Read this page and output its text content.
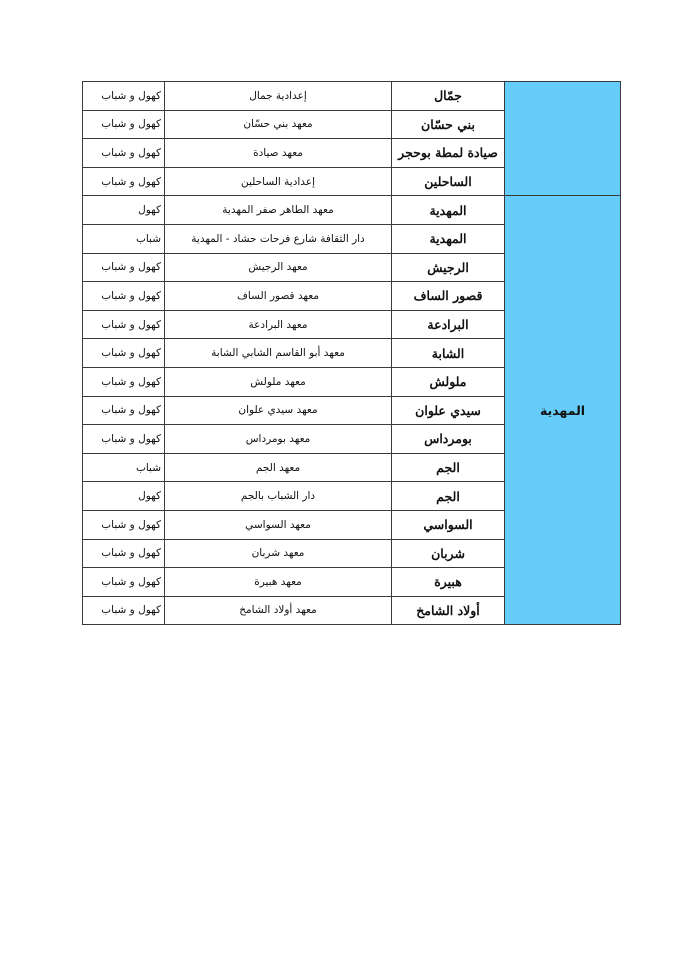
	جمّال	إعدادية جمال	كهول و شباب
	بني حسّان	معهد بني حسّان	كهول و شباب
	صيادة لمطة بوحجر	معهد صيادة	كهول و شباب
	الساحلين	إعدادية الساحلين	كهول و شباب
المهدية	المهدية	معهد الطاهر صفر المهدية	كهول
	المهدية	دار الثقافة شارع فرحات حشاد - المهدية	شباب
	الرجيش	معهد الرجيش	كهول و شباب
	قصور الساف	معهد قصور الساف	كهول و شباب
	البرادعة	معهد البرادعة	كهول و شباب
	الشابة	معهد أبو القاسم الشابي الشابة	كهول و شباب
	ملولش	معهد ملولش	كهول و شباب
	سيدي علوان	معهد سيدي علوان	كهول و شباب
	بومرداس	معهد بومرداس	كهول و شباب
	الجم	معهد الجم	شباب
	الجم	دار الشباب بالجم	كهول
	السواسي	معهد السواسي	كهول و شباب
	شربان	معهد شربان	كهول و شباب
	هبيرة	معهد هبيرة	كهول و شباب
	أولاد الشامخ	معهد أولاد الشامخ	كهول و شباب
